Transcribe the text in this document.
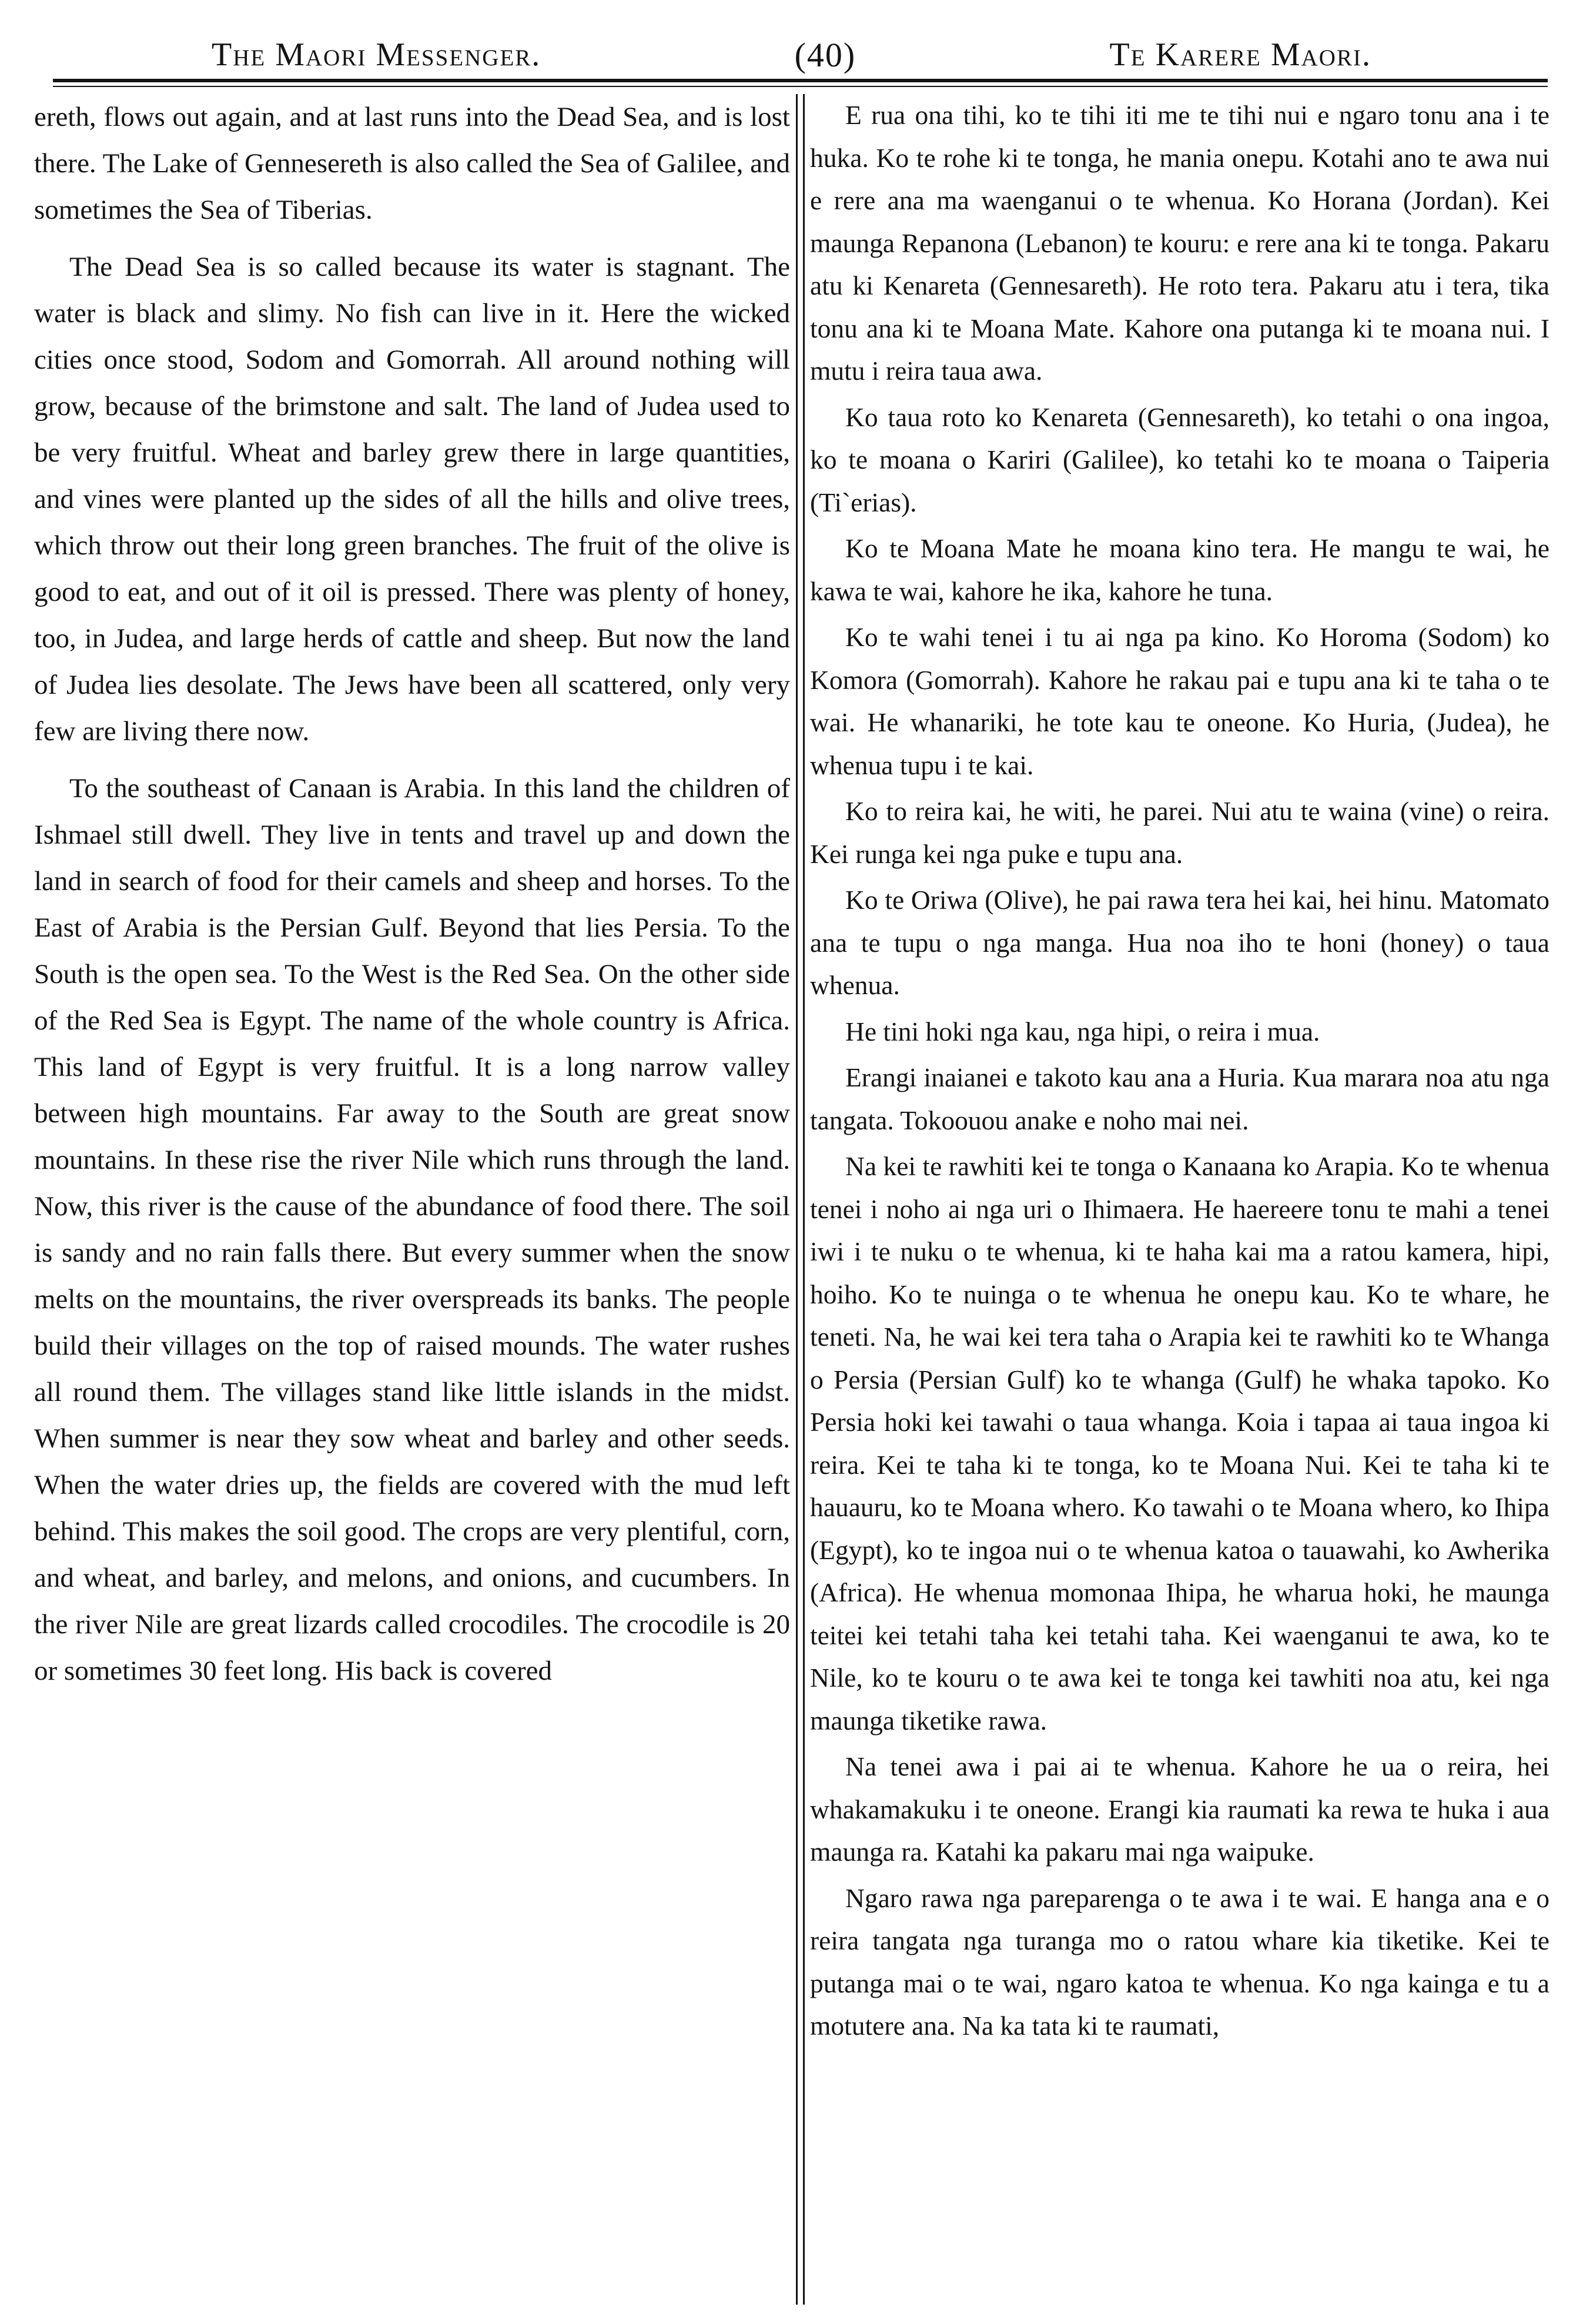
The Maori Messenger.	(40)	Te Karere Maori.

ereth, flows out again, and at last runs into the Dead Sea, and is lost there. The Lake of Gennesereth is also called the Sea of Galilee, and sometimes the Sea of Tiberias.

The Dead Sea is so called because its water is stagnant. The water is black and slimy. No fish can live in it. Here the wicked cities once stood, Sodom and Gomorrah. All around nothing will grow, because of the brimstone and salt. The land of Judea used to be very fruitful. Wheat and barley grew there in large quantities, and vines were planted up the sides of all the hills and olive trees, which throw out their long green branches. The fruit of the olive is good to eat, and out of it oil is pressed. There was plenty of honey, too, in Judea, and large herds of cattle and sheep. But now the land of Judea lies desolate. The Jews have been all scattered, only very few are living there now.

To the southeast of Canaan is Arabia. In this land the children of Ishmael still dwell. They live in tents and travel up and down the land in search of food for their camels and sheep and horses. To the East of Arabia is the Persian Gulf. Beyond that lies Persia. To the South is the open sea. To the West is the Red Sea. On the other side of the Red Sea is Egypt. The name of the whole country is Africa. This land of Egypt is very fruitful. It is a long narrow valley between high mountains. Far away to the South are great snow mountains. In these rise the river Nile which runs through the land. Now, this river is the cause of the abundance of food there. The soil is sandy and no rain falls there. But every summer when the snow melts on the mountains, the river overspreads its banks. The people build their villages on the top of raised mounds. The water rushes all round them. The villages stand like little islands in the midst. When summer is near they sow wheat and barley and other seeds. When the water dries up, the fields are covered with the mud left behind. This makes the soil good. The crops are very plentiful, corn, and wheat, and barley, and melons, and onions, and cucumbers. In the river Nile are great lizards called crocodiles. The crocodile is 20 or sometimes 30 feet long. His back is covered

E rua ona tihi, ko te tihi iti me te tihi nui e ngaro tonu ana i te huka. Ko te rohe ki te tonga, he mania onepu. Kotahi ano te awa nui e rere ana ma waenganui o te whenua. Ko Horana (Jordan). Kei maunga Repanona (Lebanon) te kouru: e rere ana ki te tonga. Pakaru atu ki Kenareta (Gennesareth). He roto tera. Pakaru atu i tera, tika tonu ana ki te Moana Mate. Kahore ona putanga ki te moana nui. I mutu i reira taua awa.

Ko taua roto ko Kenareta (Gennesareth), ko tetahi o ona ingoa, ko te moana o Kariri (Galilee), ko tetahi ko te moana o Taiperia (Ti`erias).

Ko te Moana Mate he moana kino tera. He mangu te wai, he kawa te wai, kahore he ika, kahore he tuna.

Ko te wahi tenei i tu ai nga pa kino. Ko Horoma (Sodom) ko Komora (Gomorrah). Kahore he rakau pai e tupu ana ki te taha o te wai. He whanariki, he tote kau te oneone. Ko Huria, (Judea), he whenua tupu i te kai.

Ko to reira kai, he witi, he parei. Nui atu te waina (vine) o reira. Kei runga kei nga puke e tupu ana.

Ko te Oriwa (Olive), he pai rawa tera hei kai, hei hinu. Matomato ana te tupu o nga manga. Hua noa iho te honi (honey) o taua whenua.

He tini hoki nga kau, nga hipi, o reira i mua.

Erangi inaianei e takoto kau ana a Huria. Kua marara noa atu nga tangata. Tokoouou anake e noho mai nei.

Na kei te rawhiti kei te tonga o Kanaana ko Arapia. Ko te whenua tenei i noho ai nga uri o Ihimaera. He haereere tonu te mahi a tenei iwi i te nuku o te whenua, ki te haha kai ma a ratou kamera, hipi, hoiho. Ko te nuinga o te whenua he onepu kau. Ko te whare, he teneti. Na, he wai kei tera taha o Arapia kei te rawhiti ko te Whanga o Persia (Persian Gulf) ko te whanga (Gulf) he whaka tapoko. Ko Persia hoki kei tawahi o taua whanga. Koia i tapaa ai taua ingoa ki reira. Kei te taha ki te tonga, ko te Moana Nui. Kei te taha ki te hauauru, ko te Moana whero. Ko tawahi o te Moana whero, ko Ihipa (Egypt), ko te ingoa nui o te whenua katoa o tauawahi, ko Awherika (Africa). He whenua momonaa Ihipa, he wharua hoki, he maunga teitei kei tetahi taha kei tetahi taha. Kei waenganui te awa, ko te Nile, ko te kouru o te awa kei te tonga kei tawhiti noa atu, kei nga maunga tiketike rawa.

Na tenei awa i pai ai te whenua. Kahore he ua o reira, hei whakamakuku i te oneone. Erangi kia raumati ka rewa te huka i aua maunga ra. Katahi ka pakaru mai nga waipuke.

Ngaro rawa nga pareparenga o te awa i te wai. E hanga ana e o reira tangata nga turanga mo o ratou whare kia tiketike. Kei te putanga mai o te wai, ngaro katoa te whenua. Ko nga kainga e tu a motutere ana. Na ka tata ki te raumati,
